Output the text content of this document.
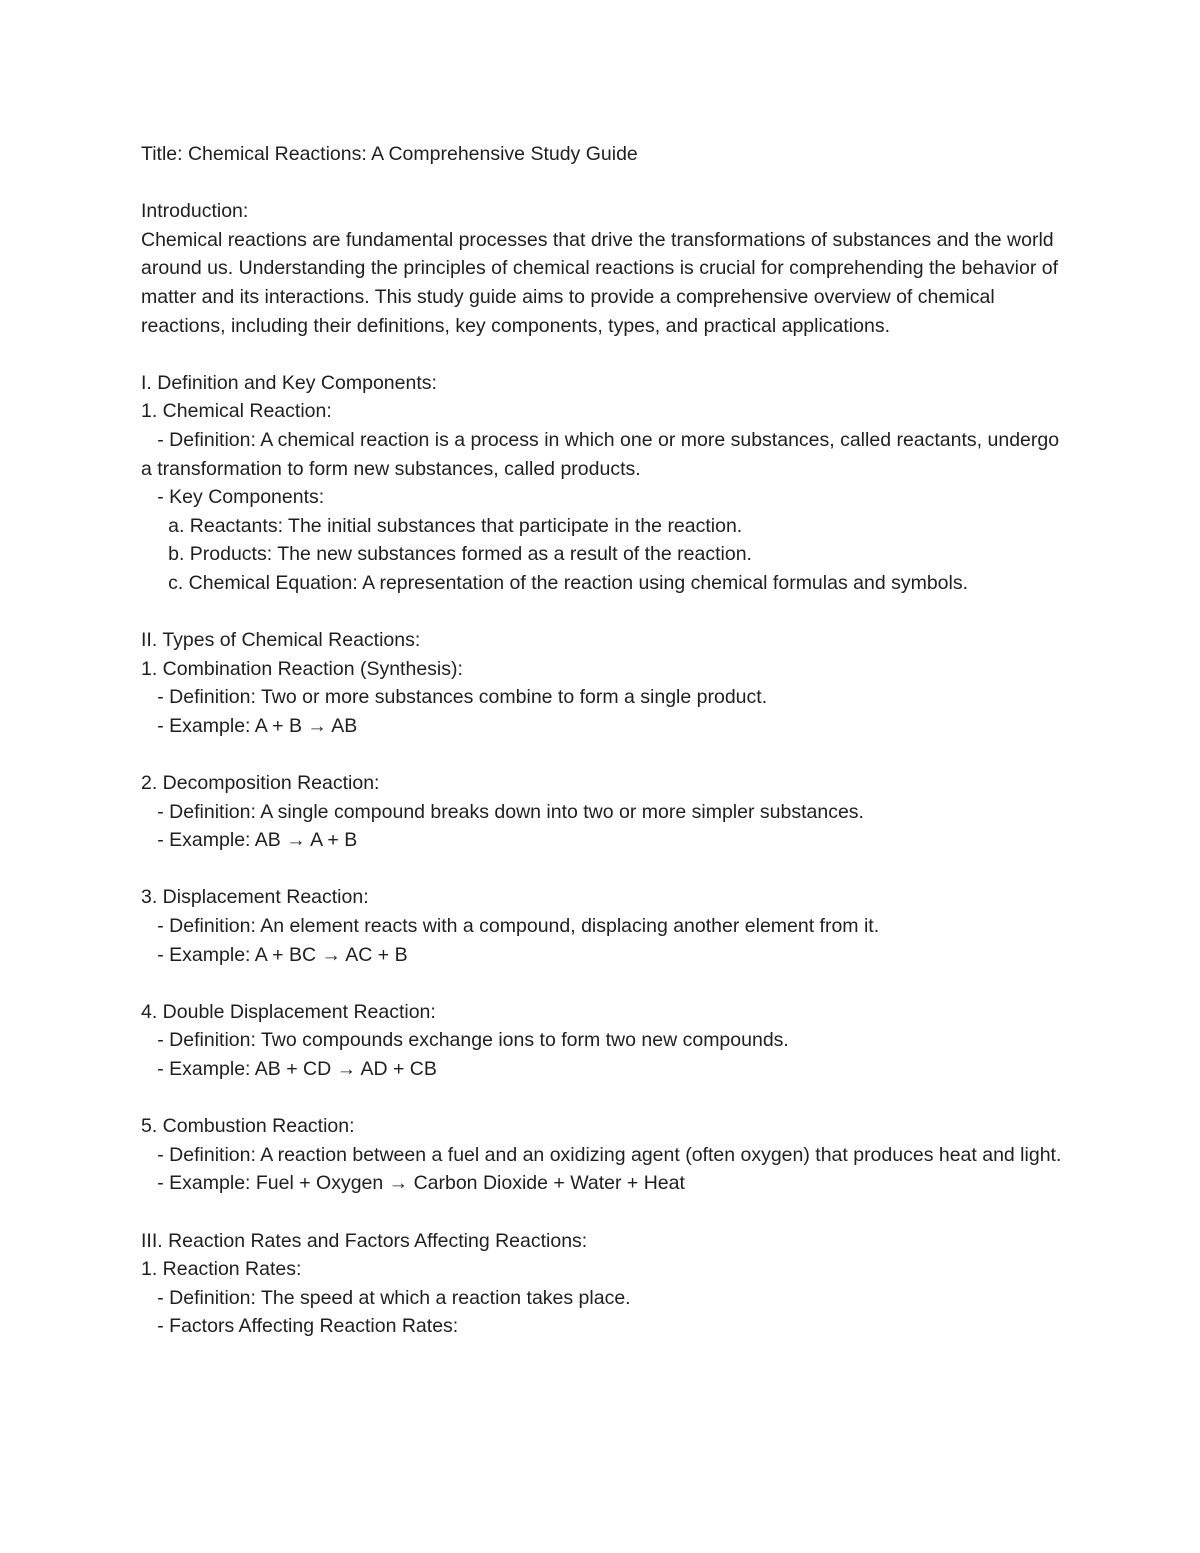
Title: Chemical Reactions: A Comprehensive Study Guide

Introduction:

Chemical reactions are fundamental processes that drive the transformations of substances and the world around us. Understanding the principles of chemical reactions is crucial for comprehending the behavior of matter and its interactions. This study guide aims to provide a comprehensive overview of chemical reactions, including their definitions, key components, types, and practical applications.

I. Definition and Key Components:

1. Chemical Reaction:

- Definition: A chemical reaction is a process in which one or more substances, called reactants, undergo a transformation to form new substances, called products.

- Key Components:

a. Reactants: The initial substances that participate in the reaction.

b. Products: The new substances formed as a result of the reaction.

c. Chemical Equation: A representation of the reaction using chemical formulas and symbols.

II. Types of Chemical Reactions:

1. Combination Reaction (Synthesis):

- Definition: Two or more substances combine to form a single product.

- Example: A + B → AB

2. Decomposition Reaction:

- Definition: A single compound breaks down into two or more simpler substances.

- Example: AB → A + B

3. Displacement Reaction:

- Definition: An element reacts with a compound, displacing another element from it.

- Example: A + BC → AC + B

4. Double Displacement Reaction:

- Definition: Two compounds exchange ions to form two new compounds.

- Example: AB + CD → AD + CB

5. Combustion Reaction:

- Definition: A reaction between a fuel and an oxidizing agent (often oxygen) that produces heat and light.

- Example: Fuel + Oxygen → Carbon Dioxide + Water + Heat

III. Reaction Rates and Factors Affecting Reactions:

1. Reaction Rates:

- Definition: The speed at which a reaction takes place.

- Factors Affecting Reaction Rates:
